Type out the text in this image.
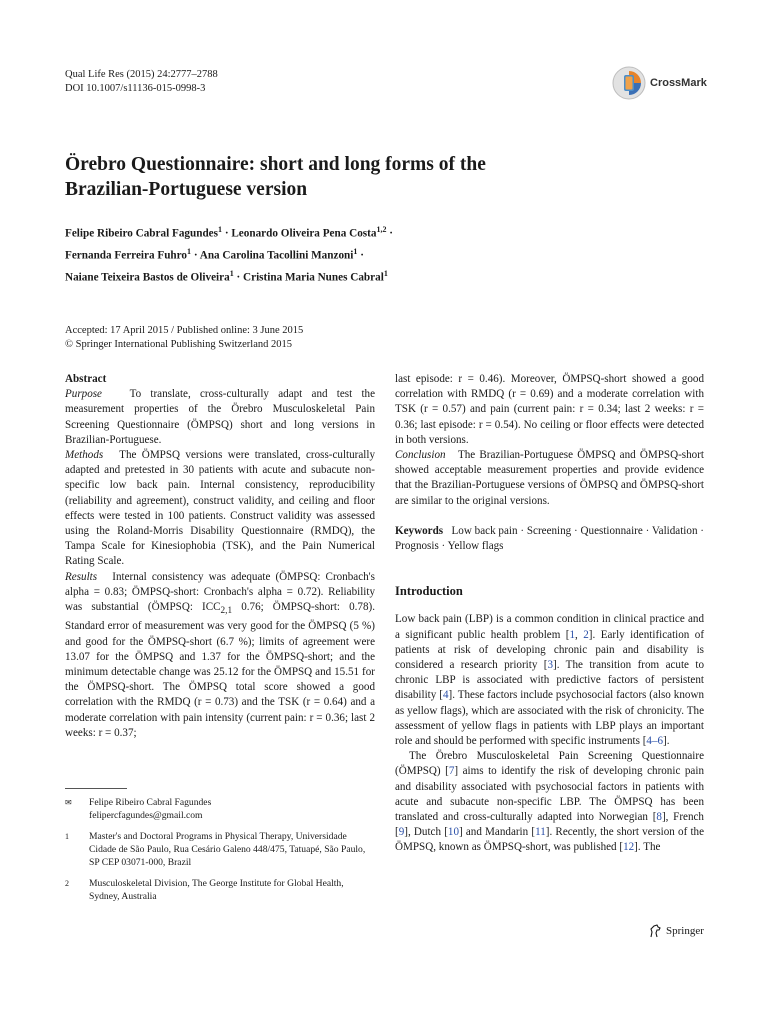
Qual Life Res (2015) 24:2777–2788
DOI 10.1007/s11136-015-0998-3	CrossMark
Örebro Questionnaire: short and long forms of the
Brazilian-Portuguese version
Felipe Ribeiro Cabral Fagundes$^1$ · Leonardo Oliveira Pena Costa$^{1,2}$ ·
Fernanda Ferreira Fuhro$^1$ · Ana Carolina Tacollini Manzoni$^1$ ·
Naiane Teixeira Bastos de Oliveira$^1$ · Cristina Maria Nunes Cabral$^1$
Accepted: 17 April 2015 / Published online: 3 June 2015
© Springer International Publishing Switzerland 2015

Abstract

Purpose To translate, cross-culturally adapt and test the measurement properties of the Örebro Musculoskeletal Pain Screening Questionnaire (ÖMPSQ) short and long versions in Brazilian-Portuguese.

Methods The ÖMPSQ versions were translated, cross-culturally adapted and pretested in 30 patients with acute and subacute non-specific low back pain. Internal consistency, reproducibility (reliability and agreement), construct validity, and ceiling and floor effects were tested in 100 patients. Construct validity was assessed using the Roland-Morris Disability Questionnaire (RMDQ), the Tampa Scale for Kinesiophobia (TSK), and the Pain Numerical Rating Scale.

Results Internal consistency was adequate (ÖMPSQ: Cronbach's alpha = 0.83; ÖMPSQ-short: Cronbach's alpha = 0.72). Reliability was substantial (ÖMPSQ: $ICC_{2,1}$ 0.76; ÖMPSQ-short: 0.78). Standard error of measurement was very good for the ÖMPSQ (5 %) and good for the ÖMPSQ-short (6.7 %); limits of agreement were 13.07 for the ÖMPSQ and 1.37 for the ÖMPSQ-short; and the minimum detectable change was 25.12 for the ÖMPSQ and 15.51 for the ÖMPSQ-short. The ÖMPSQ total score showed a good correlation with the RMDQ (r = 0.73) and the TSK (r = 0.64) and a moderate correlation with pain intensity (current pain: r = 0.36; last 2 weeks: r = 0.37;

✉	Felipe Ribeiro Cabral Fagundes
felipercfagundes@gmail.com
1	Master's and Doctoral Programs in Physical Therapy, Universidade Cidade de São Paulo, Rua Cesário Galeno 448/475, Tatuapé, São Paulo, SP CEP 03071-000, Brazil
2	Musculoskeletal Division, The George Institute for Global Health, Sydney, Australia

last episode: r = 0.46). Moreover, ÖMPSQ-short showed a good correlation with RMDQ (r = 0.69) and a moderate correlation with TSK (r = 0.57) and pain (current pain: r = 0.34; last 2 weeks: r = 0.36; last episode: r = 0.54). No ceiling or floor effects were detected in both versions.

Conclusion The Brazilian-Portuguese ÖMPSQ and ÖMPSQ-short showed acceptable measurement properties and provide evidence that the Brazilian-Portuguese versions of ÖMPSQ and ÖMPSQ-short are similar to the original versions.

Keywords Low back pain · Screening · Questionnaire · Validation · Prognosis · Yellow flags

Introduction

Low back pain (LBP) is a common condition in clinical practice and a significant public health problem [1, 2]. Early identification of patients at risk of developing chronic pain and disability is considered a research priority [3]. The transition from acute to chronic LBP is associated with predictive factors of persistent disability [4]. These factors include psychosocial factors (also known as yellow flags), which are associated with the risk of chronicity. The assessment of yellow flags in patients with LBP plays an important role and should be performed with specific instruments [4–6].

The Örebro Musculoskeletal Pain Screening Questionnaire (ÖMPSQ) [7] aims to identify the risk of developing chronic pain and disability associated with psychosocial factors in patients with acute and subacute non-specific LBP. The ÖMPSQ has been translated and cross-culturally adapted into Norwegian [8], French [9], Dutch [10] and Mandarin [11]. Recently, the short version of the ÖMPSQ, known as ÖMPSQ-short, was published [12]. The

Springer
